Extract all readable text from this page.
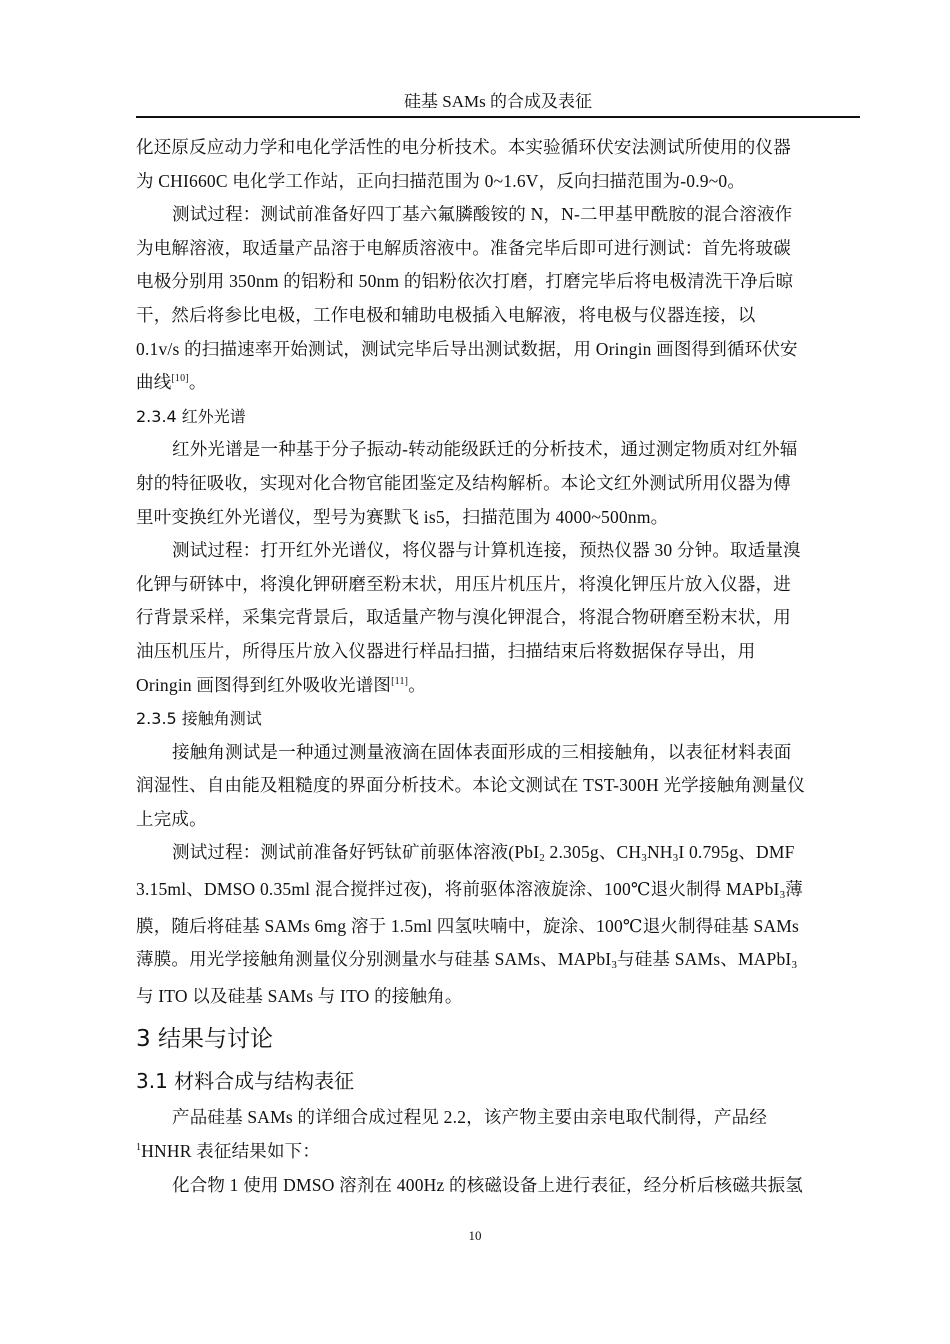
硅基 SAMs 的合成及表征

化还原反应动力学和电化学活性的电分析技术。本实验循环伏安法测试所使用的仪器
为 CHI660C 电化学工作站，正向扫描范围为 0~1.6V，反向扫描范围为-0.9~0。

测试过程：测试前准备好四丁基六氟膦酸铵的 N，N-二甲基甲酰胺的混合溶液作
为电解溶液，取适量产品溶于电解质溶液中。准备完毕后即可进行测试：首先将玻碳
电极分别用 350nm 的铝粉和 50nm 的铝粉依次打磨，打磨完毕后将电极清洗干净后晾
干，然后将参比电极，工作电极和辅助电极插入电解液，将电极与仪器连接，以
0.1v/s 的扫描速率开始测试，测试完毕后导出测试数据，用 Oringin 画图得到循环伏安
曲线[10]。

2.3.4 红外光谱

红外光谱是一种基于分子振动-转动能级跃迁的分析技术，通过测定物质对红外辐
射的特征吸收，实现对化合物官能团鉴定及结构解析。本论文红外测试所用仪器为傅
里叶变换红外光谱仪，型号为赛默飞 is5，扫描范围为 4000~500nm。

测试过程：打开红外光谱仪，将仪器与计算机连接，预热仪器 30 分钟。取适量溴
化钾与研钵中，将溴化钾研磨至粉末状，用压片机压片，将溴化钾压片放入仪器，进
行背景采样，采集完背景后，取适量产物与溴化钾混合，将混合物研磨至粉末状，用
油压机压片，所得压片放入仪器进行样品扫描，扫描结束后将数据保存导出，用
Oringin 画图得到红外吸收光谱图[11]。

2.3.5 接触角测试

接触角测试是一种通过测量液滴在固体表面形成的三相接触角，以表征材料表面
润湿性、自由能及粗糙度的界面分析技术。本论文测试在 TST-300H 光学接触角测量仪
上完成。

测试过程：测试前准备好钙钛矿前驱体溶液(PbI$_2$ 2.305g、$CH_3NH_3I$ 0.795g、DMF
3.15ml、DMSO 0.35ml 混合搅拌过夜)，将前驱体溶液旋涂、100℃退火制得 MAPbI$_3$薄
膜，随后将硅基 SAMs 6mg 溶于 1.5ml 四氢呋喃中，旋涂、100℃退火制得硅基 SAMs
薄膜。用光学接触角测量仪分别测量水与硅基 SAMs、MAPbI$_3$与硅基 SAMs、MAPbI$_3$
与 ITO 以及硅基 SAMs 与 ITO 的接触角。

3 结果与讨论
3.1 材料合成与结构表征

产品硅基 SAMs 的详细合成过程见 2.2，该产物主要由亲电取代制得，产品经
$^1$HNHR 表征结果如下：

化合物 1 使用 DMSO 溶剂在 400Hz 的核磁设备上进行表征，经分析后核磁共振氢

10
